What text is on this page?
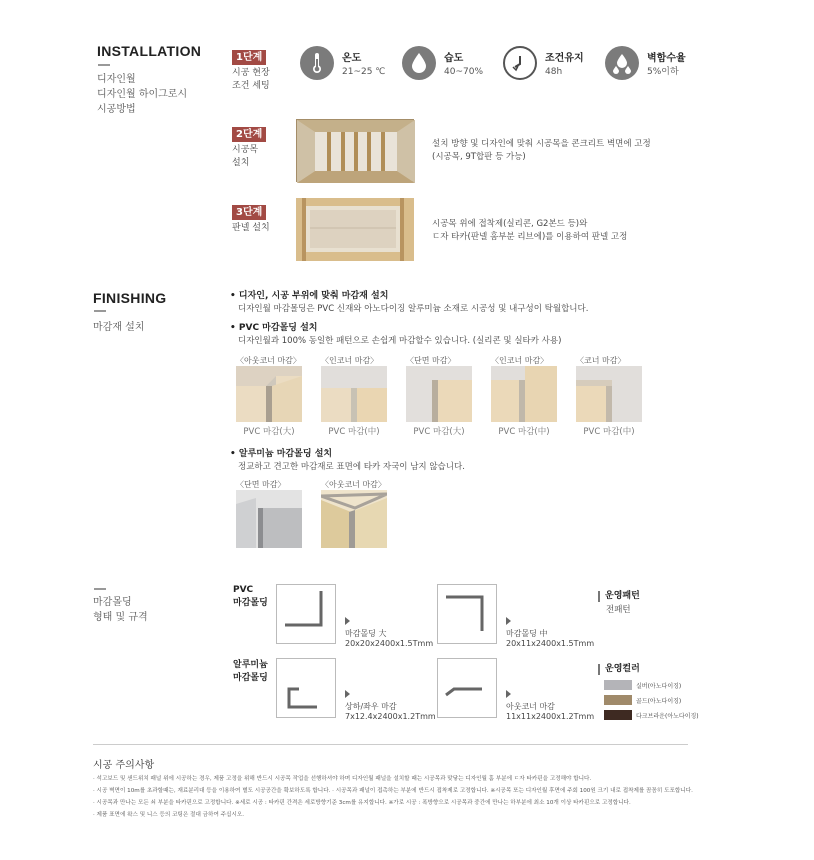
INSTALLATION
디자인월
디자인월 하이그로시
시공방법
1단계
시공 현장
조건 세팅
온도
21~25 ℃
습도
40~70%
조건유지
48h
벽함수율
5%이하
2단계
시공목
설치
설치 방향 및 디자인에 맞춰 시공목을 콘크리트 벽면에 고정
(시공목, 9T합판 등 가능)
3단계
판넬 설치	시공목 위에 접착제(실리콘, G2본드 등)와
ㄷ자 타카(판넬 홈부분 리브에)를 이용하여 판넬 고정
FINISHING
마감재 설치
• 디자인, 시공 부위에 맞춰 마감재 설치
디자인월 마감몰딩은 PVC 신재와 아노다이징 알루미늄 소재로 시공성 및 내구성이 탁월합니다.
• PVC 마감몰딩 설치
디자인월과 100% 동일한 패턴으로 손쉽게 마감할수 있습니다. (실리콘 및 실타카 사용)
〈아웃코너 마감〉
PVC 마감(大)
〈인코너 마감〉
PVC 마감(中)
〈단면 마감〉
PVC 마감(大)
〈인코너 마감〉
PVC 마감(中)
〈코너 마감〉
PVC 마감(中)
• 알루미늄 마감몰딩 설치
정교하고 견고한 마감재로 표면에 타카 자국이 남지 않습니다.
〈단면 마감〉	〈아웃코너 마감〉
마감몰딩
형태 및 규격
PVC
마감몰딩
알루미늄
마감몰딩
마감몰딩 大
20x20x2400x1.5Tmm
마감몰딩 中
20x11x2400x1.5Tmm
상하/좌우 마감
7x12.4x2400x1.2Tmm
아웃코너 마감
11x11x2400x1.2Tmm
운영패턴
전패턴
운영컬러
실버(아노다이징)
골드(아노다이징)
다크브라운(아노다이징)
시공 주의사항
· 석고보드 및 샌드위치 패널 위에 시공하는 경우, 제품 고정을 위해 반드시 시공목 작업을 선행하셔야 하며 디자인월 패널을 설치할 때는 시공목과 맞닿는 디자인월 홈 부분에 ㄷ자 타카핀을 고정해야 합니다.
· 시공 벽면이 10m를 초과할때는, 재료분리대 등을 이용하여 별도 시공공간을 확보하도록 합니다. · 시공목과 패널이 접촉하는 부분에 반드시 접착제로 고정합니다. ※시공목 또는 디자인월 후면에 주회 100원 크기 내로 접착제를 꼼꼼히 도포합니다.
· 시공목과 만나는 모든 쇠 부분을 타카핀으로 고정합니다. ※세로 시공 : 타카핀 간격은 세로방향기준 3cm를 유지합니다. ※가로 시공 : 폭방향으로 시공목과 중간에 만나는 하부분에 최소 10개 이상 타카핀으로 고정합니다.
· 제품 표면에 왁스 및 니스 등의 코팅은 절대 금하여 주십시오.
